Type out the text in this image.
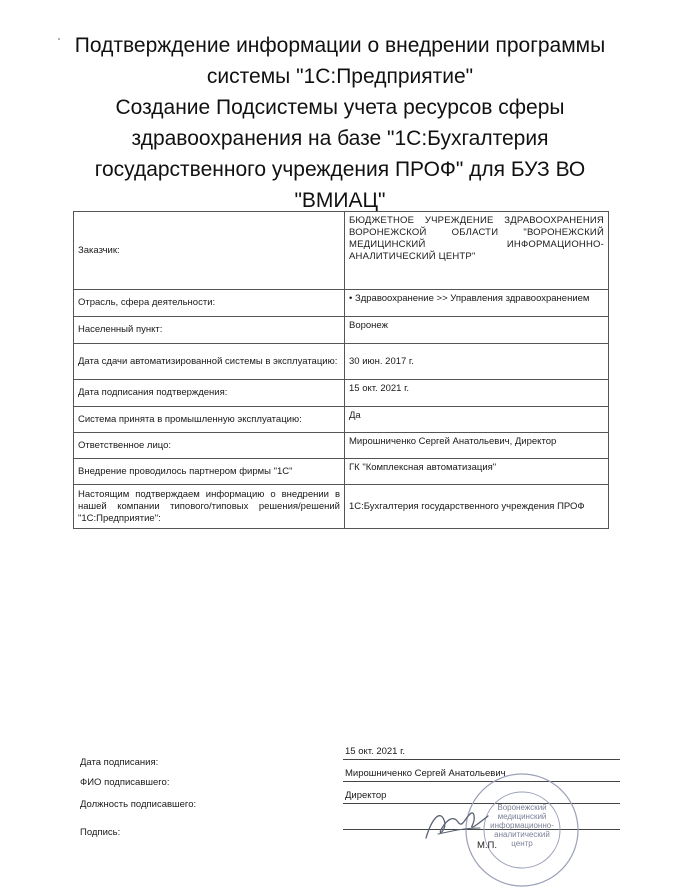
Подтверждение информации о внедрении программы
системы "1С:Предприятие"
Создание Подсистемы учета ресурсов сферы
здравоохранения на базе "1С:Бухгалтерия
государственного учреждения ПРОФ" для БУЗ ВО
"ВМИАЦ"
Заказчик:	БЮДЖЕТНОЕ УЧРЕЖДЕНИЕ ЗДРАВООХРАНЕНИЯ ВОРОНЕЖСКОЙ ОБЛАСТИ "ВОРОНЕЖСКИЙ МЕДИЦИНСКИЙ ИНФОРМАЦИОННО-АНАЛИТИЧЕСКИЙ ЦЕНТР"
Отрасль, сфера деятельности:	• Здравоохранение >> Управления здравоохранением
Населенный пункт:	Воронеж
Дата сдачи автоматизированной системы в эксплуатацию:	30 июн. 2017 г.
Дата подписания подтверждения:	15 окт. 2021 г.
Система принята в промышленную эксплуатацию:	Да
Ответственное лицо:	Мирошниченко Сергей Анатольевич, Директор
Внедрение проводилось партнером фирмы "1С"	ГК "Комплексная автоматизация"
Настоящим подтверждаем информацию о внедрении в нашей компании типового/типовых решения/решений "1С:Предприятие":	1С:Бухгалтерия государственного учреждения ПРОФ
Дата подписания:
15 окт. 2021 г.
ФИО подписавшего:
Мирошниченко Сергей Анатольевич
Должность подписавшего:
Директор
Подпись:
Воронежский
медицинский
информационно-
аналитический
центр
М.П.
